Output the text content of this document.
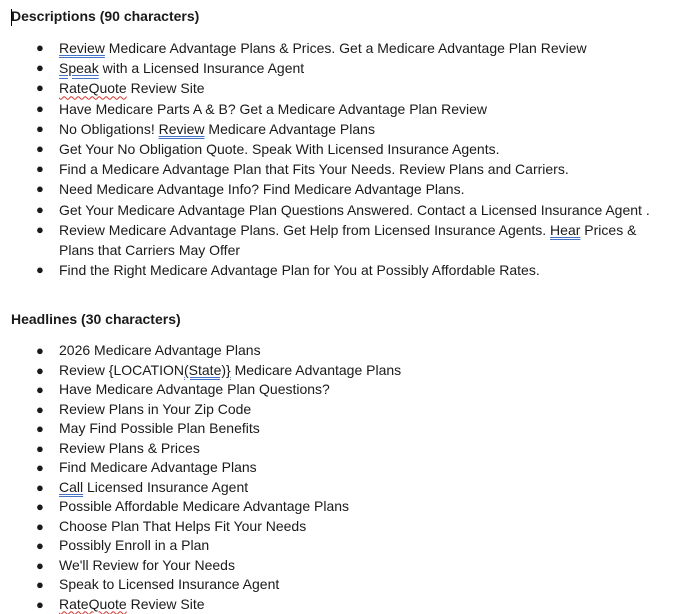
Descriptions (90 characters)
● Review Medicare Advantage Plans & Prices. Get a Medicare Advantage Plan Review
● Speak with a Licensed Insurance Agent
● RateQuote Review Site
● Have Medicare Parts A & B? Get a Medicare Advantage Plan Review
● No Obligations! Review Medicare Advantage Plans
● Get Your No Obligation Quote. Speak With Licensed Insurance Agents.
● Find a Medicare Advantage Plan that Fits Your Needs. Review Plans and Carriers.
● Need Medicare Advantage Info? Find Medicare Advantage Plans.
● Get Your Medicare Advantage Plan Questions Answered. Contact a Licensed Insurance Agent .
● Review Medicare Advantage Plans. Get Help from Licensed Insurance Agents. Hear Prices & Plans that Carriers May Offer
● Find the Right Medicare Advantage Plan for You at Possibly Affordable Rates.
Headlines (30 characters)
● 2026 Medicare Advantage Plans
● Review {LOCATION(State)} Medicare Advantage Plans
● Have Medicare Advantage Plan Questions?
● Review Plans in Your Zip Code
● May Find Possible Plan Benefits
● Review Plans & Prices
● Find Medicare Advantage Plans
● Call Licensed Insurance Agent
● Possible Affordable Medicare Advantage Plans
● Choose Plan That Helps Fit Your Needs
● Possibly Enroll in a Plan
● We'll Review for Your Needs
● Speak to Licensed Insurance Agent
● RateQuote Review Site
